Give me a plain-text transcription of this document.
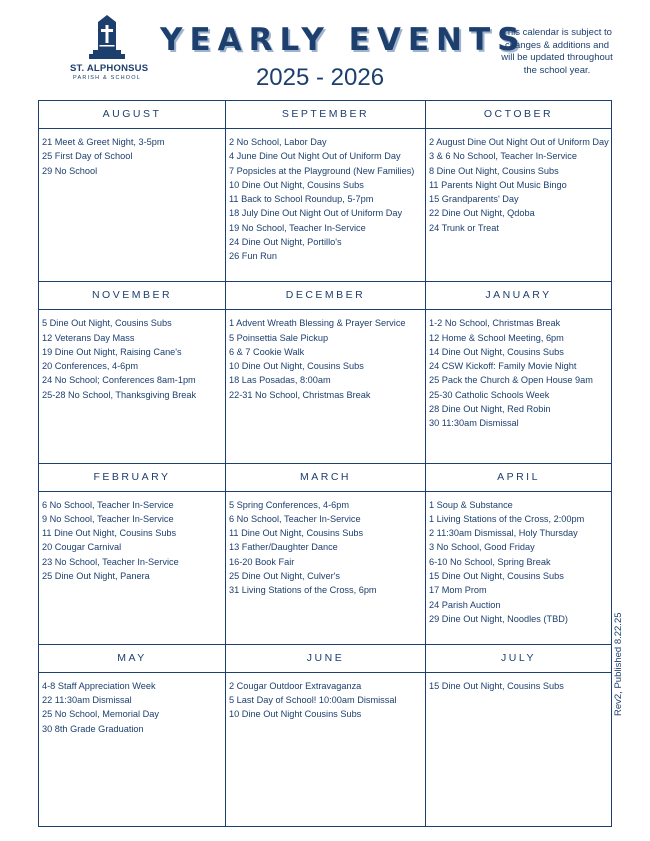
ST. ALPHONSUS
PARISH & SCHOOL
YEARLY EVENTS
2025 - 2026
This calendar is subject to changes & additions and will be updated throughout the school year.
AUGUST
21 Meet & Greet Night, 3-5pm
25 First Day of School
29 No School
SEPTEMBER
2 No School, Labor Day
4 June Dine Out Night Out of Uniform Day
7 Popsicles at the Playground (New Families)
10 Dine Out Night, Cousins Subs
11 Back to School Roundup, 5-7pm
18 July Dine Out Night Out of Uniform Day
19 No School, Teacher In-Service
24 Dine Out Night, Portillo's
26 Fun Run
OCTOBER
2 August Dine Out Night Out of Uniform Day
3 & 6 No School, Teacher In-Service
8 Dine Out Night, Cousins Subs
11 Parents Night Out Music Bingo
15 Grandparents' Day
22 Dine Out Night, Qdoba
24 Trunk or Treat
NOVEMBER
5 Dine Out Night, Cousins Subs
12 Veterans Day Mass
19 Dine Out Night, Raising Cane's
20 Conferences, 4-6pm
24 No School; Conferences 8am-1pm
25-28 No School, Thanksgiving Break
DECEMBER
1 Advent Wreath Blessing & Prayer Service
5 Poinsettia Sale Pickup
6 & 7 Cookie Walk
10 Dine Out Night, Cousins Subs
18 Las Posadas, 8:00am
22-31 No School, Christmas Break
JANUARY
1-2 No School, Christmas Break
12 Home & School Meeting, 6pm
14 Dine Out Night, Cousins Subs
24 CSW Kickoff: Family Movie Night
25 Pack the Church & Open House 9am
25-30 Catholic Schools Week
28 Dine Out Night, Red Robin
30 11:30am Dismissal
FEBRUARY
6 No School, Teacher In-Service
9 No School, Teacher In-Service
11 Dine Out Night, Cousins Subs
20 Cougar Carnival
23 No School, Teacher In-Service
25 Dine Out Night, Panera
MARCH
5 Spring Conferences, 4-6pm
6 No School, Teacher In-Service
11 Dine Out Night, Cousins Subs
13 Father/Daughter Dance
16-20 Book Fair
25 Dine Out Night, Culver's
31 Living Stations of the Cross, 6pm
APRIL
1 Soup & Substance
1 Living Stations of the Cross, 2:00pm
2 11:30am Dismissal, Holy Thursday
3 No School, Good Friday
6-10 No School, Spring Break
15 Dine Out Night, Cousins Subs
17 Mom Prom
24 Parish Auction
29 Dine Out Night, Noodles (TBD)
MAY
4-8 Staff Appreciation Week
22 11:30am Dismissal
25 No School, Memorial Day
30 8th Grade Graduation
JUNE
2 Cougar Outdoor Extravaganza
5 Last Day of School! 10:00am Dismissal
10 Dine Out Night Cousins Subs
JULY
15 Dine Out Night, Cousins Subs	Rev2, Published 8.22.25
